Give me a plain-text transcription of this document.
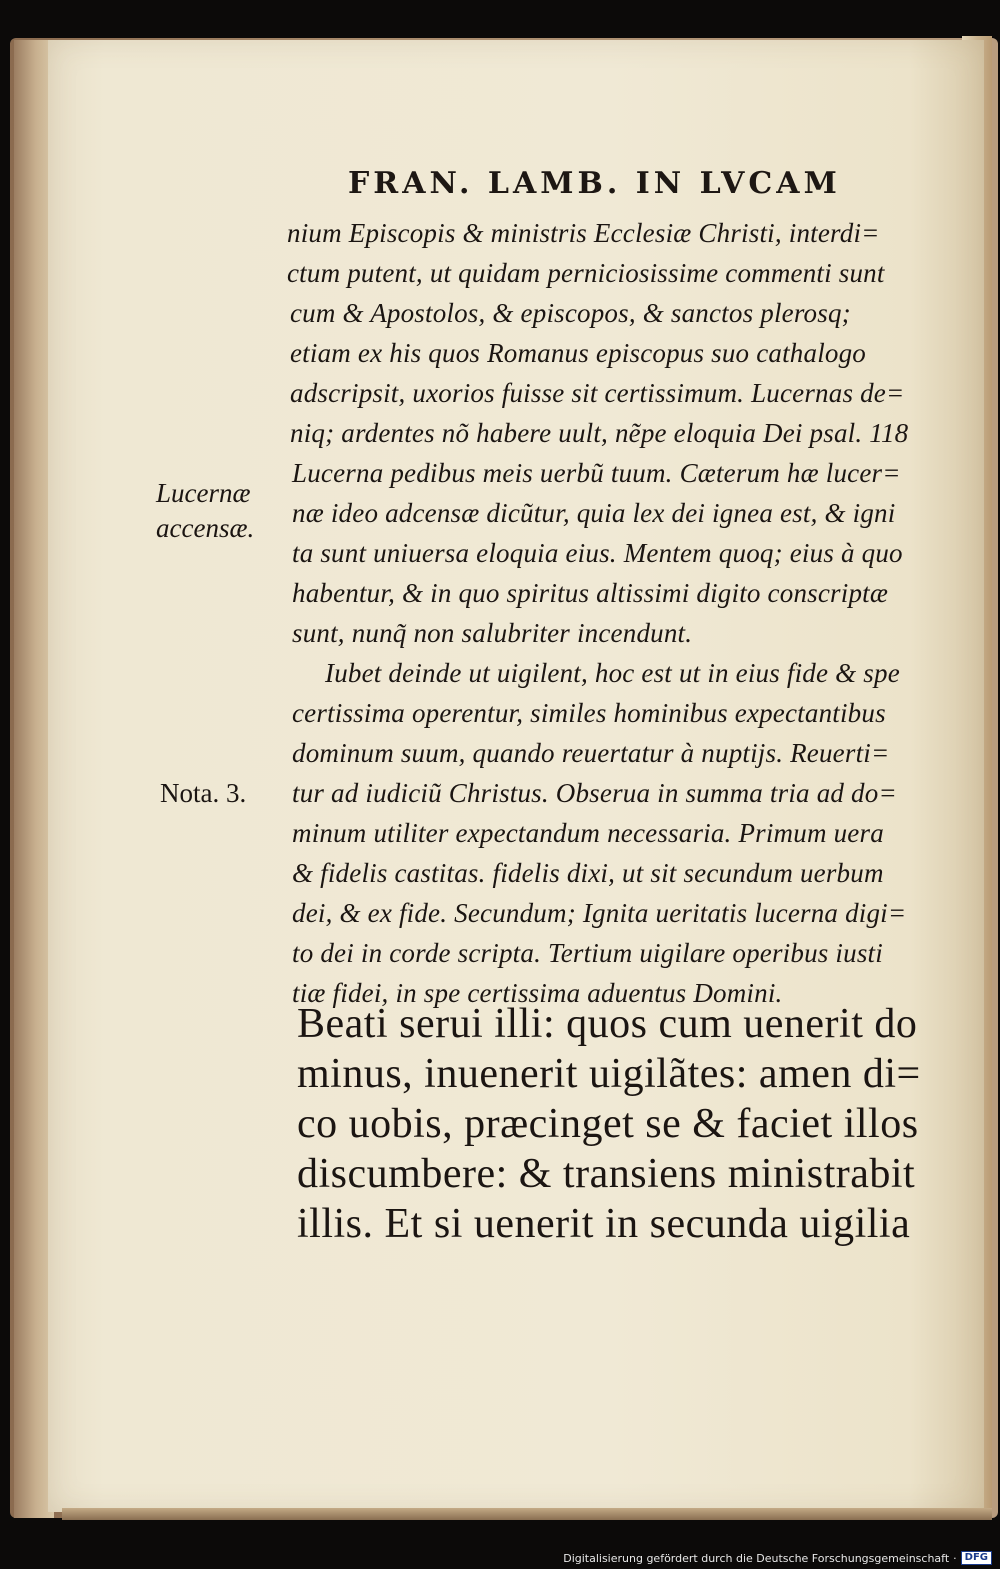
FRAN. LAMB. IN LVCAM
Lucernæ
accensæ.
Nota. 3.
nium Episcopis & ministris Ecclesiæ Christi, interdi=
ctum putent, ut quidam perniciosissime commenti sunt
cum & Apostolos, & episcopos, & sanctos plerosq;
etiam ex his quos Romanus episcopus suo cathalogo
adscripsit, uxorios fuisse sit certissimum. Lucernas de=
niq; ardentes nõ habere uult, nẽpe eloquia Dei psal. 118
Lucerna pedibus meis uerbũ tuum. Cæterum hæ lucer=
næ ideo adcensæ dicũtur, quia lex dei ignea est, & igni
ta sunt uniuersa eloquia eius. Mentem quoq; eius à quo
habentur, & in quo spiritus altissimi digito conscriptæ
sunt, nunq̃ non salubriter incendunt.
Iubet deinde ut uigilent, hoc est ut in eius fide & spe
certissima operentur, similes hominibus expectantibus
dominum suum, quando reuertatur à nuptijs. Reuerti=
tur ad iudiciũ Christus. Obserua in summa tria ad do=
minum utiliter expectandum necessaria. Primum uera
& fidelis castitas. fidelis dixi, ut sit secundum uerbum
dei, & ex fide. Secundum; Ignita ueritatis lucerna digi=
to dei in corde scripta. Tertium uigilare operibus iusti
tiæ fidei, in spe certissima aduentus Domini.
Beati serui illi: quos cum uenerit do
minus, inuenerit uigilãtes: amen di=
co uobis, præcinget se & faciet illos
discumbere: & transiens ministrabit
illis. Et si uenerit in secunda uigilia
Digitalisierung gefördert durch die Deutsche Forschungsgemeinschaft · DFG
